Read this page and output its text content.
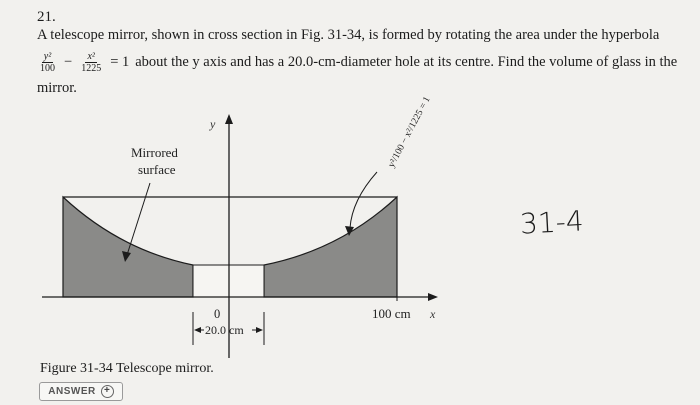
21.
A telescope mirror, shown in cross section in Fig. 31-34, is formed by rotating the area under the hyperbola
$\frac{\text{y²}}{100} - \frac{\text{x²}}{1225} = 1$ about the y axis and has a 20.0-cm-diameter hole at its centre. Find the volume of glass in the
mirror.
y
Mirrored
surface
y²/100 − x²/1225 = 1
0	100 cm x
20.0 cm
31-4
Figure 31-34 Telescope mirror.
ANSWER +
